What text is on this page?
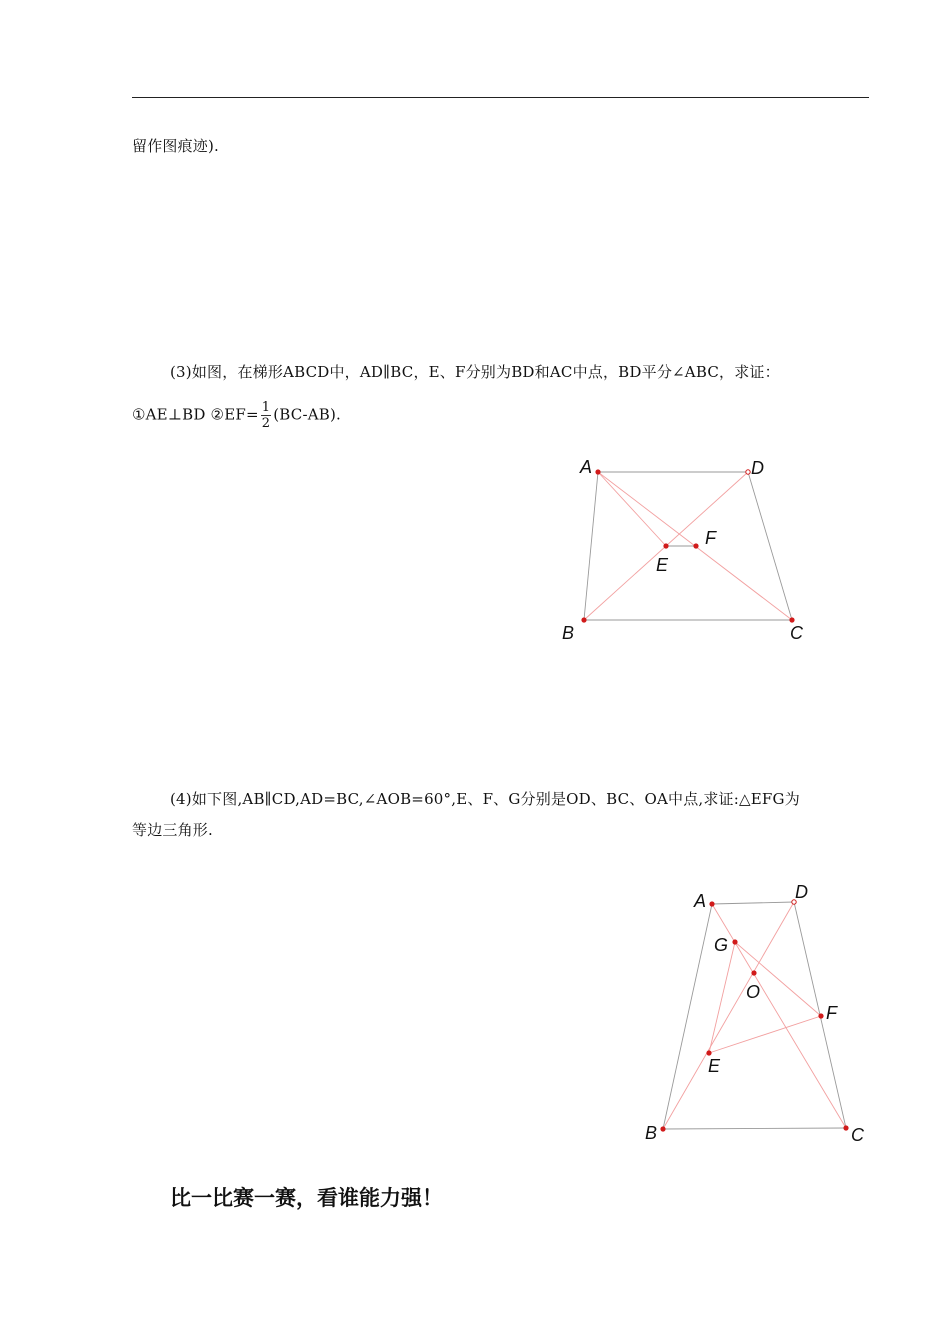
留作图痕迹).
(3)如图，在梯形ABCD中，AD∥BC，E、F分别为BD和AC中点，BD平分∠ABC，求证：
①AE⊥BD ②EF= $\frac{1}{2} (BC-AB)$.
A	D
F
E
B	C
(4)如下图,AB∥CD,AD=BC,∠AOB=60°,E、F、G分别是OD、BC、OA中点,求证:△EFG为
等边三角形.
A	D
G
O
F
E
B	C
比一比赛一赛，看谁能力强！
